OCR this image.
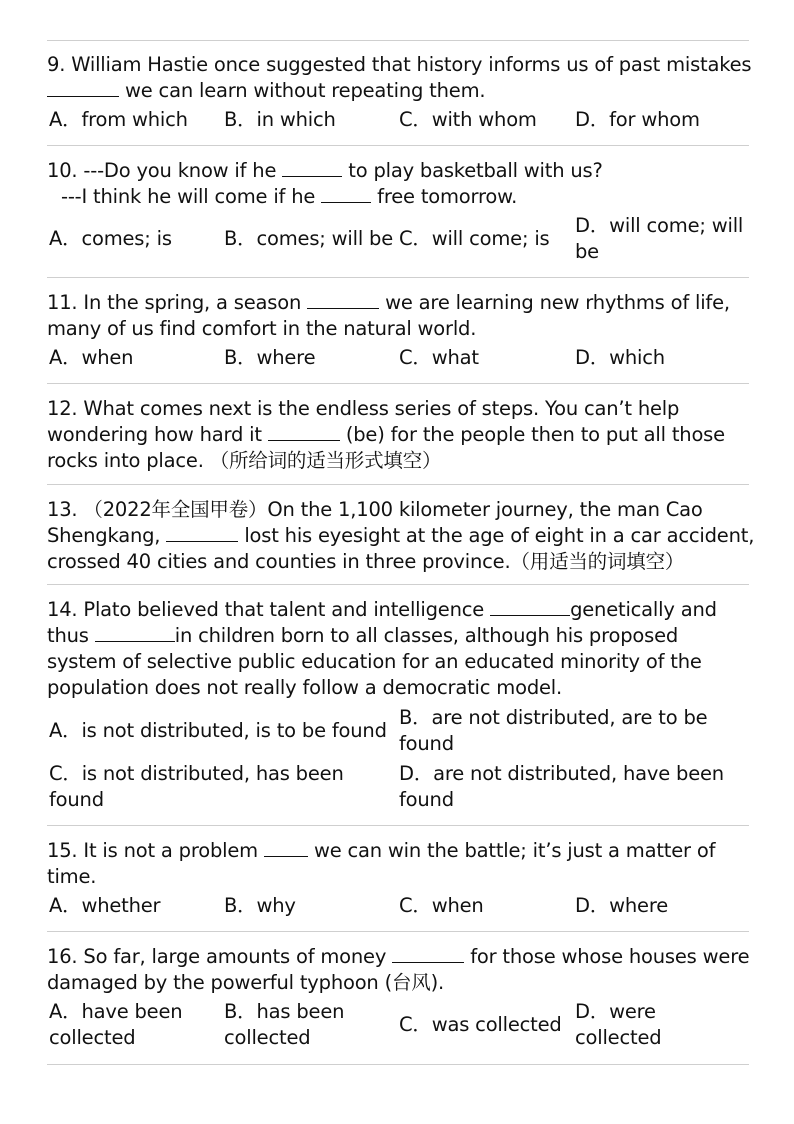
9. William Hastie once suggested that history informs us of past mistakes
we can learn without repeating them.
A．from which B．in which	C．with whom D．for whom
10. ---Do you know if he	to play basketball with us?
---I think he will come if he	free tomorrow.
A．comes; is	B．comes; will be C．will come; is
D．will come; will be
11. In the spring, a season	we are learning new rhythms of life,
many of us find comfort in the natural world.
A．when	B．where	C．what	D．which
12. What comes next is the endless series of steps. You can’t help
wondering how hard it	(be) for the people then to put all those
rocks into place. （所给词的适当形式填空）
13. （2022年全国甲卷）On the 1,100 kilometer journey, the man Cao
Shengkang,	lost his eyesight at the age of eight in a car accident,
crossed 40 cities and counties in three province.（用适当的词填空）
14. Plato believed that talent and intelligence	genetically and
thus	in children born to all classes, although his proposed
system of selective public education for an educated minority of the
population does not really follow a democratic model.
A．is not distributed, is to be found
B．are not distributed, are to be found
C．is not distributed, has been found
D．are not distributed, have been found
15. It is not a problem	we can win the battle; it’s just a matter of
time.
A．whether	B．why	C．when	D．where
16. So far, large amounts of money	for those whose houses were
damaged by the powerful typhoon (台风).
A．have been collected
B．has been collected
C．was collected
D．were collected
